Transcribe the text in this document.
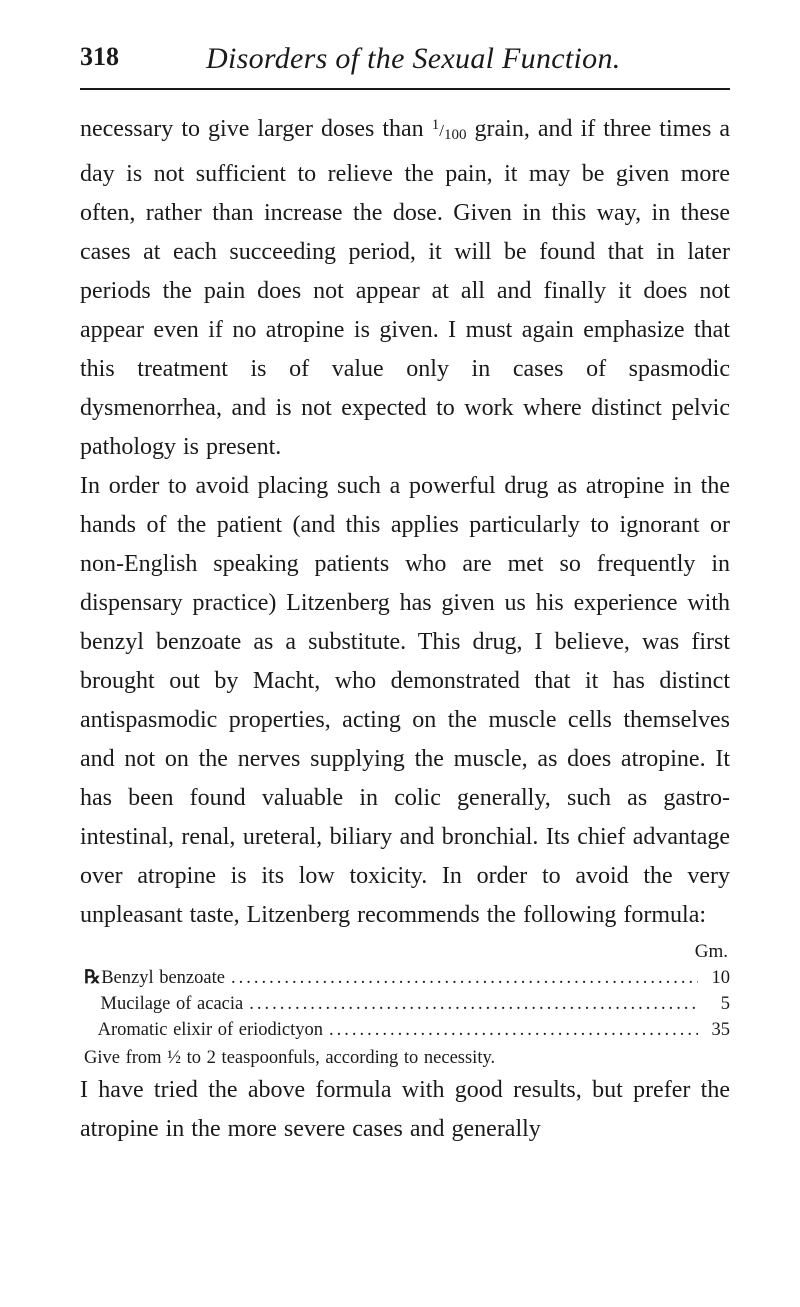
318	Disorders of the Sexual Function.

necessary to give larger doses than $^1/_{100}$ grain, and if three times a day is not sufficient to relieve the pain, it may be given more often, rather than increase the dose. Given in this way, in these cases at each succeeding period, it will be found that in later periods the pain does not appear at all and finally it does not appear even if no atropine is given. I must again emphasize that this treatment is of value only in cases of spasmodic dysmenorrhea, and is not expected to work where distinct pelvic pathology is present.

In order to avoid placing such a powerful drug as atropine in the hands of the patient (and this applies particularly to ignorant or non-English speaking patients who are met so frequently in dispensary practice) Litzenberg has given us his experience with benzyl benzoate as a substitute. This drug, I believe, was first brought out by Macht, who demonstrated that it has distinct antispasmodic properties, acting on the muscle cells themselves and not on the nerves supplying the muscle, as does atropine. It has been found valuable in colic generally, such as gastro-intestinal, renal, ureteral, biliary and bronchial. Its chief advantage over atropine is its low toxicity. In order to avoid the very unpleasant taste, Litzenberg recommends the following formula:

Gm.
℞ Benzyl benzoate .....	10
Mucilage of acacia .....	5
Aromatic elixir of eriodictyon .....	35
Give from ½ to 2 teaspoonfuls, according to necessity.

I have tried the above formula with good results, but prefer the atropine in the more severe cases and generally
